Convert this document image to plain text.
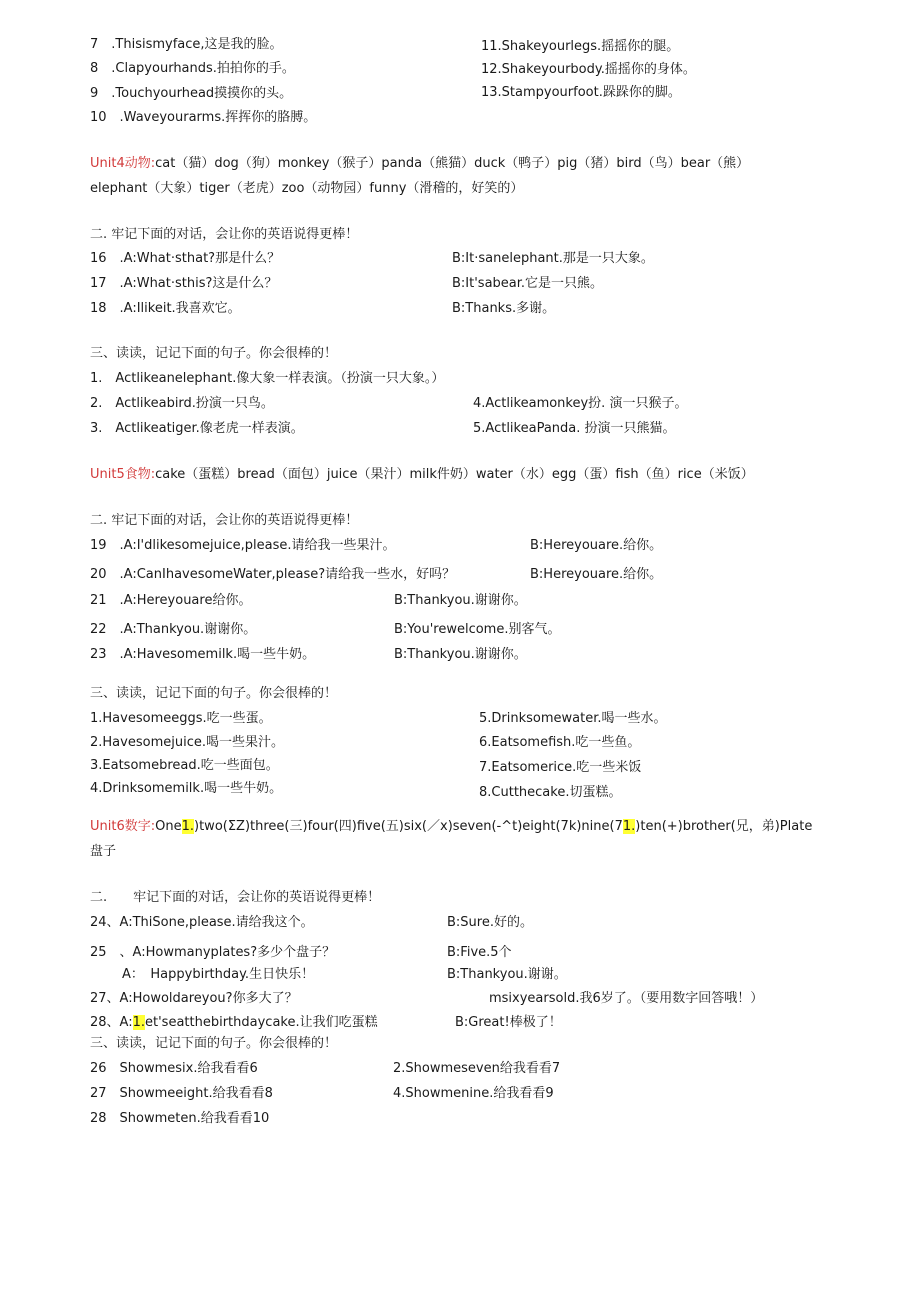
7　.Thisismyface,这是我的脸。
8　.Clapyourhands.拍拍你的手。
9　.Touchyourhead摸摸你的头。
10　.Waveyourarms.挥挥你的胳膊。
11.Shakeyourlegs.摇摇你的腿。
12.Shakeyourbody.摇摇你的身体。
13.Stampyourfoot.跺跺你的脚。
Unit4动物:cat（猫）dog（狗）monkey（猴子）panda（熊猫）duck（鸭子）pig（猪）bird（鸟）bear（熊）
elephant（大象）tiger（老虎）zoo（动物园）funny（滑稽的，好笑的）
二. 牢记下面的对话，会让你的英语说得更棒！
16　.A:What·sthat?那是什么？	B:It·sanelephant.那是一只大象。
17　.A:What·sthis?这是什么？	B:It'sabear.它是一只熊。
18　.A:Ilikeit.我喜欢它。	B:Thanks.多谢。
三、读读，记记下面的句子。你会很棒的！
1.　Actlikeanelephant.像大象一样表演。（扮演一只大象。）
2.　Actlikeabird.扮演一只鸟。
3.　Actlikeatiger.像老虎一样表演。
4.Actlikeamonkey扮. 演一只猴子。
5.ActlikeaPanda. 扮演一只熊猫。
Unit5食物:cake（蛋糕）bread（面包）juice（果汁）milk件奶）water（水）egg（蛋）fish（鱼）rice（米饭）
二. 牢记下面的对话，会让你的英语说得更棒！
19　.A:I'dlikesomejuice,please.请给我一些果汁。	B:Hereyouare.给你。
20　.A:CanIhavesomeWater,please?请给我一些水，好吗？	B:Hereyouare.给你。
21　.A:Hereyouare给你。	B:Thankyou.谢谢你。
22　.A:Thankyou.谢谢你。	B:You'rewelcome.别客气。
23　.A:Havesomemilk.喝一些牛奶。	B:Thankyou.谢谢你。
三、读读，记记下面的句子。你会很棒的！
1.Havesomeeggs.吃一些蛋。
2.Havesomejuice.喝一些果汁。
3.Eatsomebread.吃一些面包。
4.Drinksomemilk.喝一些牛奶。
5.Drinksomewater.喝一些水。
6.Eatsomefish.吃一些鱼。
7.Eatsomerice.吃一些米饭
8.Cutthecake.切蛋糕。
Unit6数字:One1.)two(ΣZ)three(三)four(四)five(五)six(／x)seven(-^t)eight(7k)nine(71.)ten(+)brother(兄，弟)Plate
盘子
二.　　牢记下面的对话，会让你的英语说得更棒！
24、A:ThiSone,please.请给我这个。	B:Sure.好的。
25　、A:Howmanyplates?多少个盘子？	B:Five.5个
A：　Happybirthday.生日快乐！	B:Thankyou.谢谢。
27、A:Howoldareyou?你多大了？	msixyearsold.我6岁了。（要用数字回答哦！）
28、A:1.et'seatthebirthdaycake.让我们吃蛋糕	B:Great!棒极了！
三、读读，记记下面的句子。你会很棒的！
26　Showmesix.给我看看6
27　Showmeeight.给我看看8
28　Showmeten.给我看看10
2.Showmeseven给我看看7
4.Showmenine.给我看看9
